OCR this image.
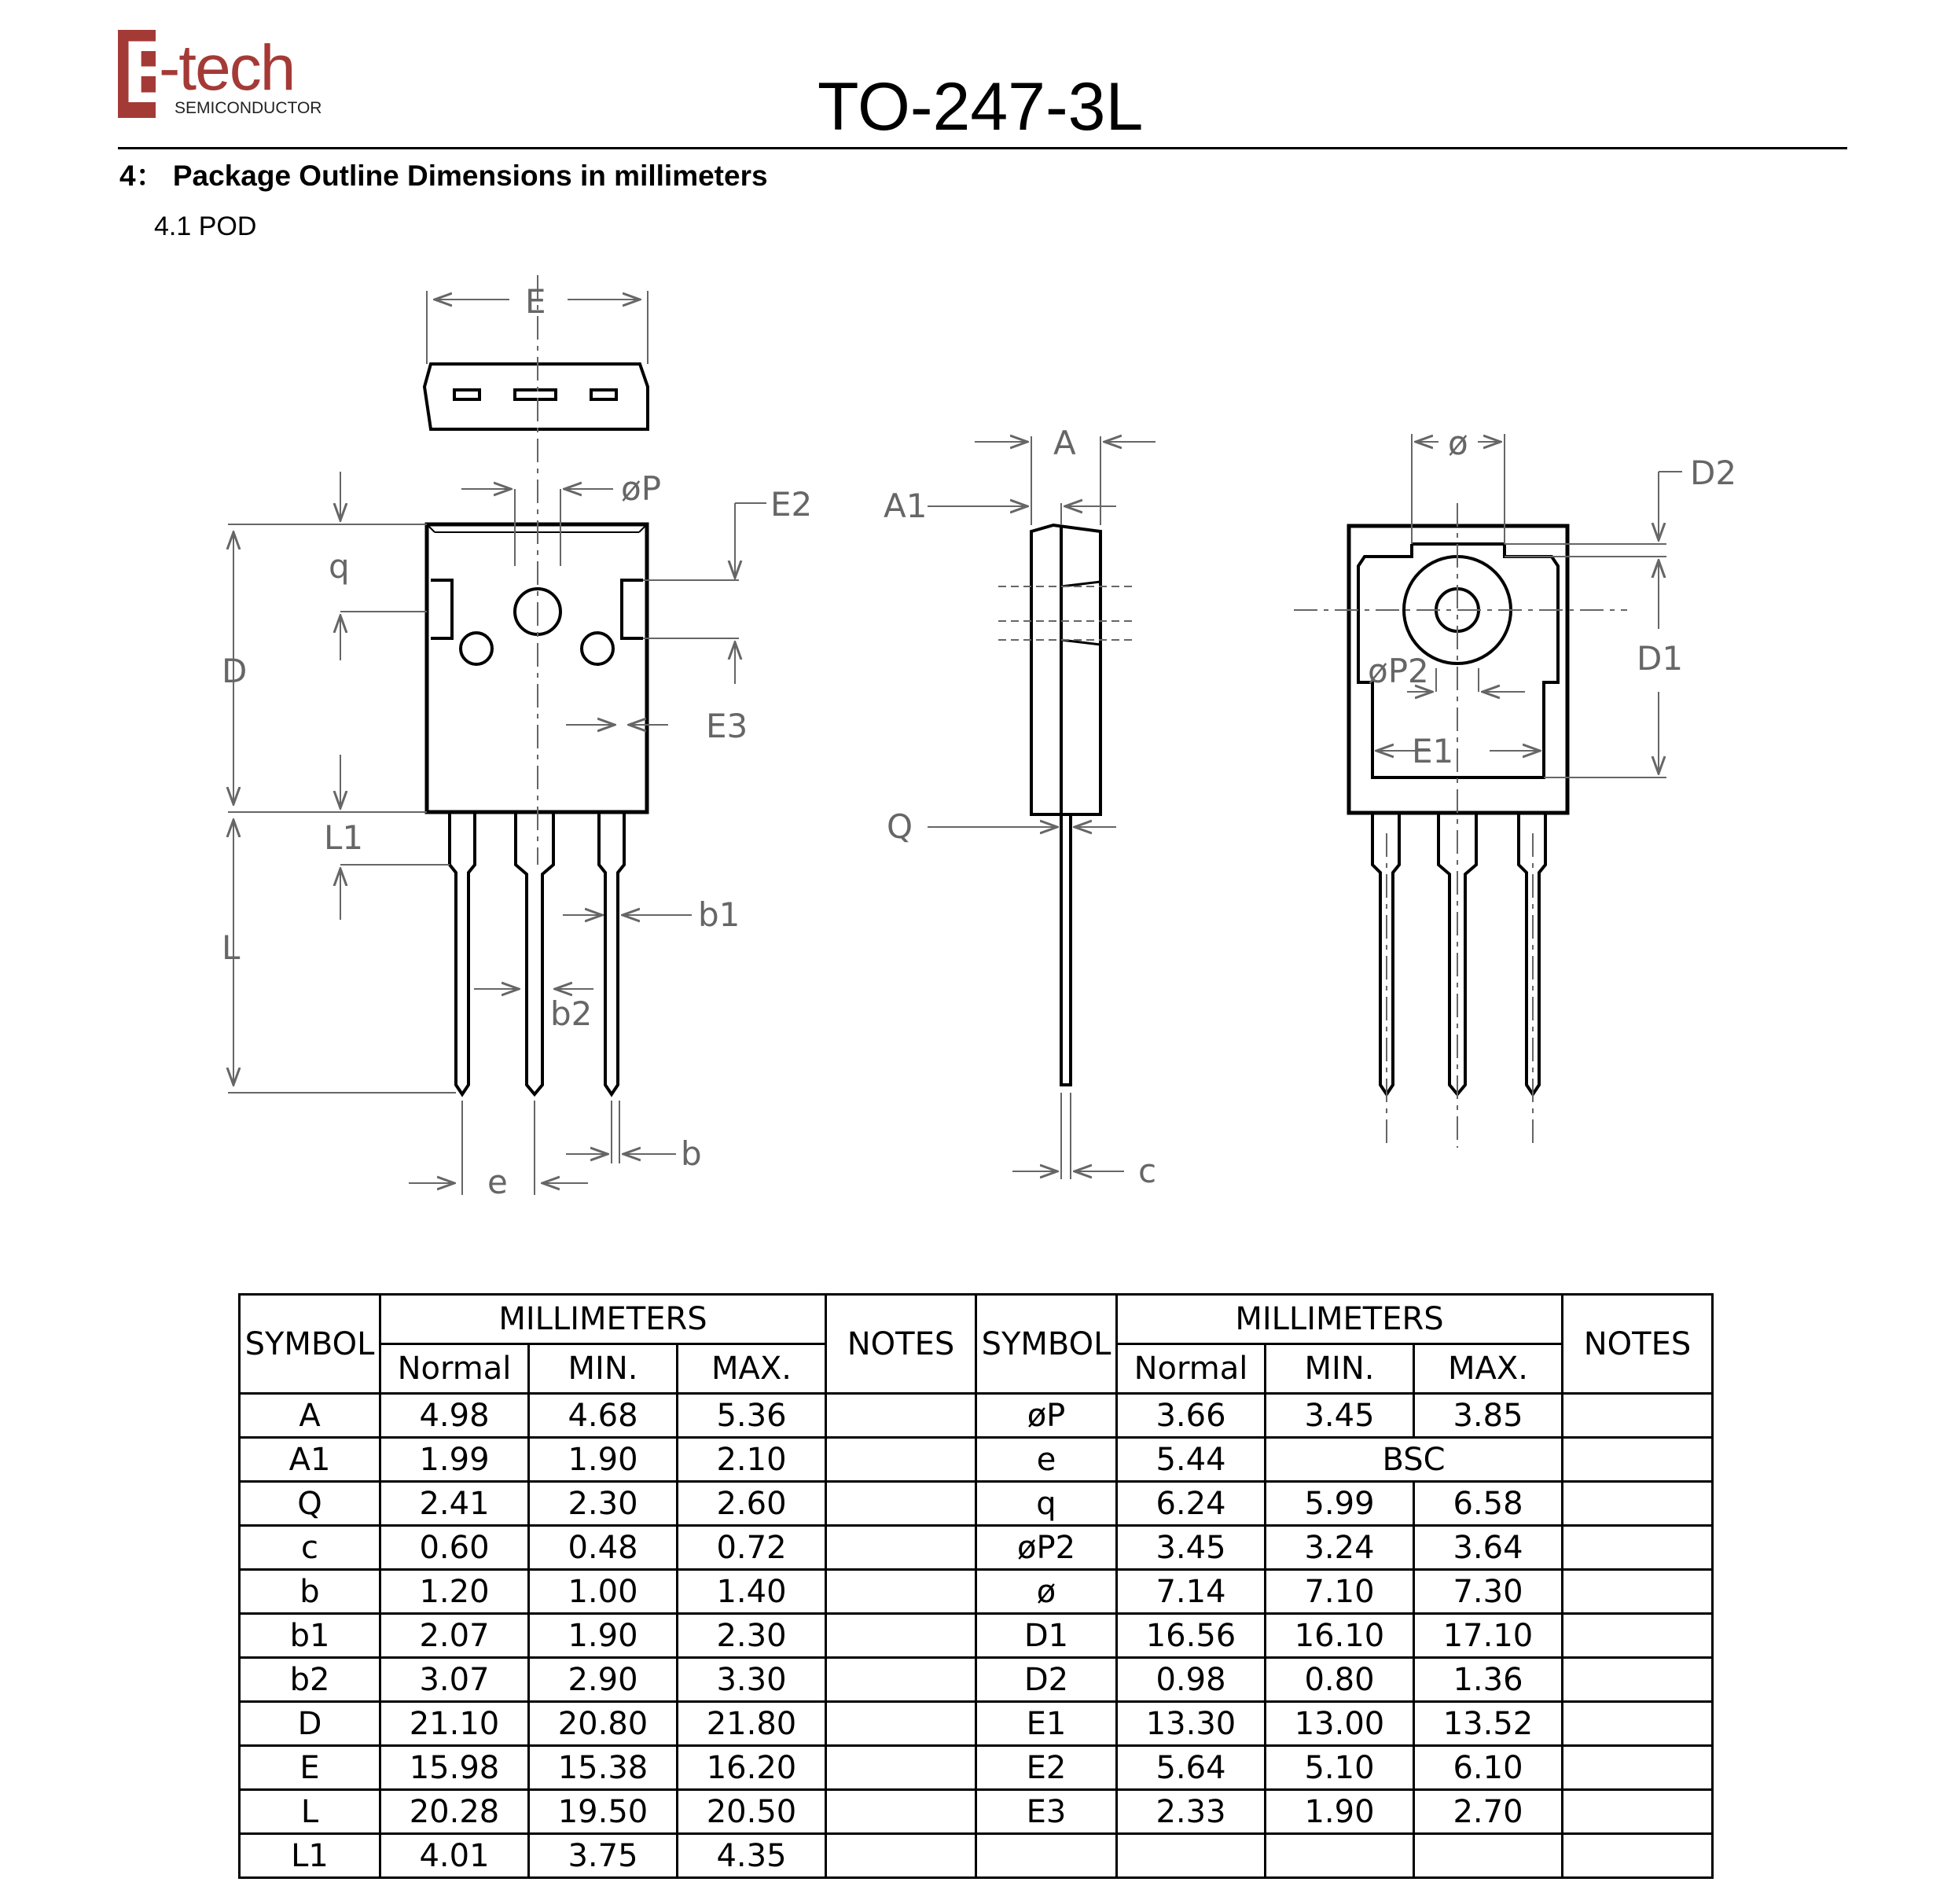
E
-tech
SEMICONDUCTOR	TO-247-3L
4： Package Outline Dimensions in millimeters
4.1 POD
E
øP	E2
q
D
E3
L1
L
b1
b2
b
e
A
A1
Q
c
ø
D2
D1
øP2
E1
SYMBOL	MILLIMETERS			NOTES	SYMBOL	MILLIMETERS			NOTES
	Normal	MIN.	MAX.			Normal	MIN.	MAX.	
A	4.98	4.68	5.36		øP	3.66	3.45	3.85	
A1	1.99	1.90	2.10		e	5.44	BSC		
Q	2.41	2.30	2.60		q	6.24	5.99	6.58	
c	0.60	0.48	0.72		øP2	3.45	3.24	3.64	
b	1.20	1.00	1.40		ø	7.14	7.10	7.30	
b1	2.07	1.90	2.30		D1	16.56	16.10	17.10	
b2	3.07	2.90	3.30		D2	0.98	0.80	1.36	
D	21.10	20.80	21.80		E1	13.30	13.00	13.52	
E	15.98	15.38	16.20		E2	5.64	5.10	6.10	
L	20.28	19.50	20.50		E3	2.33	1.90	2.70	
L1	4.01	3.75	4.35						
